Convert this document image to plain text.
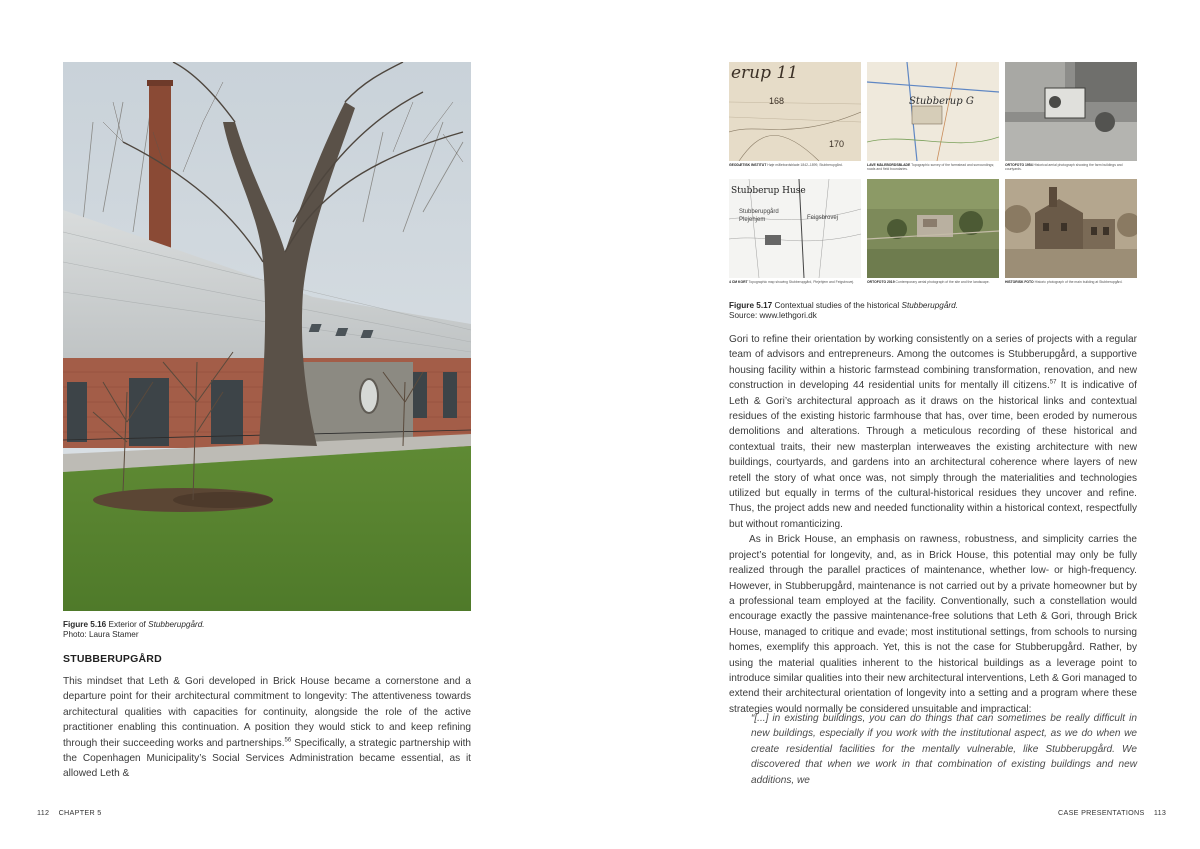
Figure 5.16 Exterior of Stubberupgård.
Photo: Laura Stamer
STUBBERUPGÅRD

This mindset that Leth & Gori developed in Brick House became a cornerstone and a departure point for their architectural commitment to longevity: The attentiveness towards architectural qualities with capacities for continuity, alongside the role of the active practitioner enabling this continuation. A position they would stick to and keep refining through their succeeding works and partnerships.$^{56}$ Specifically, a strategic partnership with the Copenhagen Municipality’s Social Services Administration became essential, as it allowed Leth &

112 CHAPTER 5
erup 11
168
170
GEODÆTISK INSTITUT Høje målebordsblade 1842–1899, Stubberupgård.
Stubberup G
LAVE MÅLEBORDSBLADE Topographic survey of the farmstead and surroundings; roads and field boundaries.
ORTOFOTO 1954 Historical aerial photograph showing the farm buildings and courtyards.
Stubberup Huse
Stubberupgård
Plejehjem	Feigsbrovej
4 CM KORT Topographic map showing Stubberupgård, Plejehjem and Feigsbrovej.	ORTOFOTO 2019 Contemporary aerial photograph of the site and the landscape.	HISTORISK FOTO Historic photograph of the main building at Stubberupgård.
Figure 5.17 Contextual studies of the historical Stubberupgård.
Source: www.lethgori.dk

Gori to refine their orientation by working consistently on a series of projects with a regular team of advisors and entrepreneurs. Among the outcomes is Stubberupgård, a supportive housing facility within a historic farmstead combining transformation, renovation, and new construction in developing 44 residential units for mentally ill citizens.$^{57}$ It is indicative of Leth & Gori’s architectural approach as it draws on the historical links and contextual residues of the existing historic farmhouse that has, over time, been eroded by numerous demolitions and alterations. Through a meticulous recording of these historical and contextual traits, their new masterplan interweaves the existing architecture with new buildings, courtyards, and gardens into an architectural coherence where layers of new retell the story of what once was, not simply through the materialities and technologies utilized but equally in terms of the cultural-historical residues they uncover and refine. Thus, the project adds new and needed functionality within a historical context, respectfully but without romanticizing.

As in Brick House, an emphasis on rawness, robustness, and simplicity carries the project’s potential for longevity, and, as in Brick House, this potential may only be fully realized through the parallel practices of maintenance, whether low- or high-frequency. However, in Stubberupgård, maintenance is not carried out by a private homeowner but by a professional team employed at the facility. Conventionally, such a constellation would encourage exactly the passive maintenance-free solutions that Leth & Gori, through Brick House, managed to critique and evade; most institutional settings, from schools to nursing homes, exemplify this approach. Yet, this is not the case for Stubberupgård. Rather, by using the material qualities inherent to the historical buildings as a leverage point to introduce similar qualities into their new architectural interventions, Leth & Gori managed to extend their architectural orientation of longevity into a setting and a program where these strategies would normally be considered unsuitable and impractical:

“[...] in existing buildings, you can do things that can sometimes be really difficult in new buildings, especially if you work with the institutional aspect, as we do when we create residential facilities for the mentally vulnerable, like Stubberupgård. We discovered that when we work in that combination of existing buildings and new additions, we
CASE PRESENTATIONS 113
